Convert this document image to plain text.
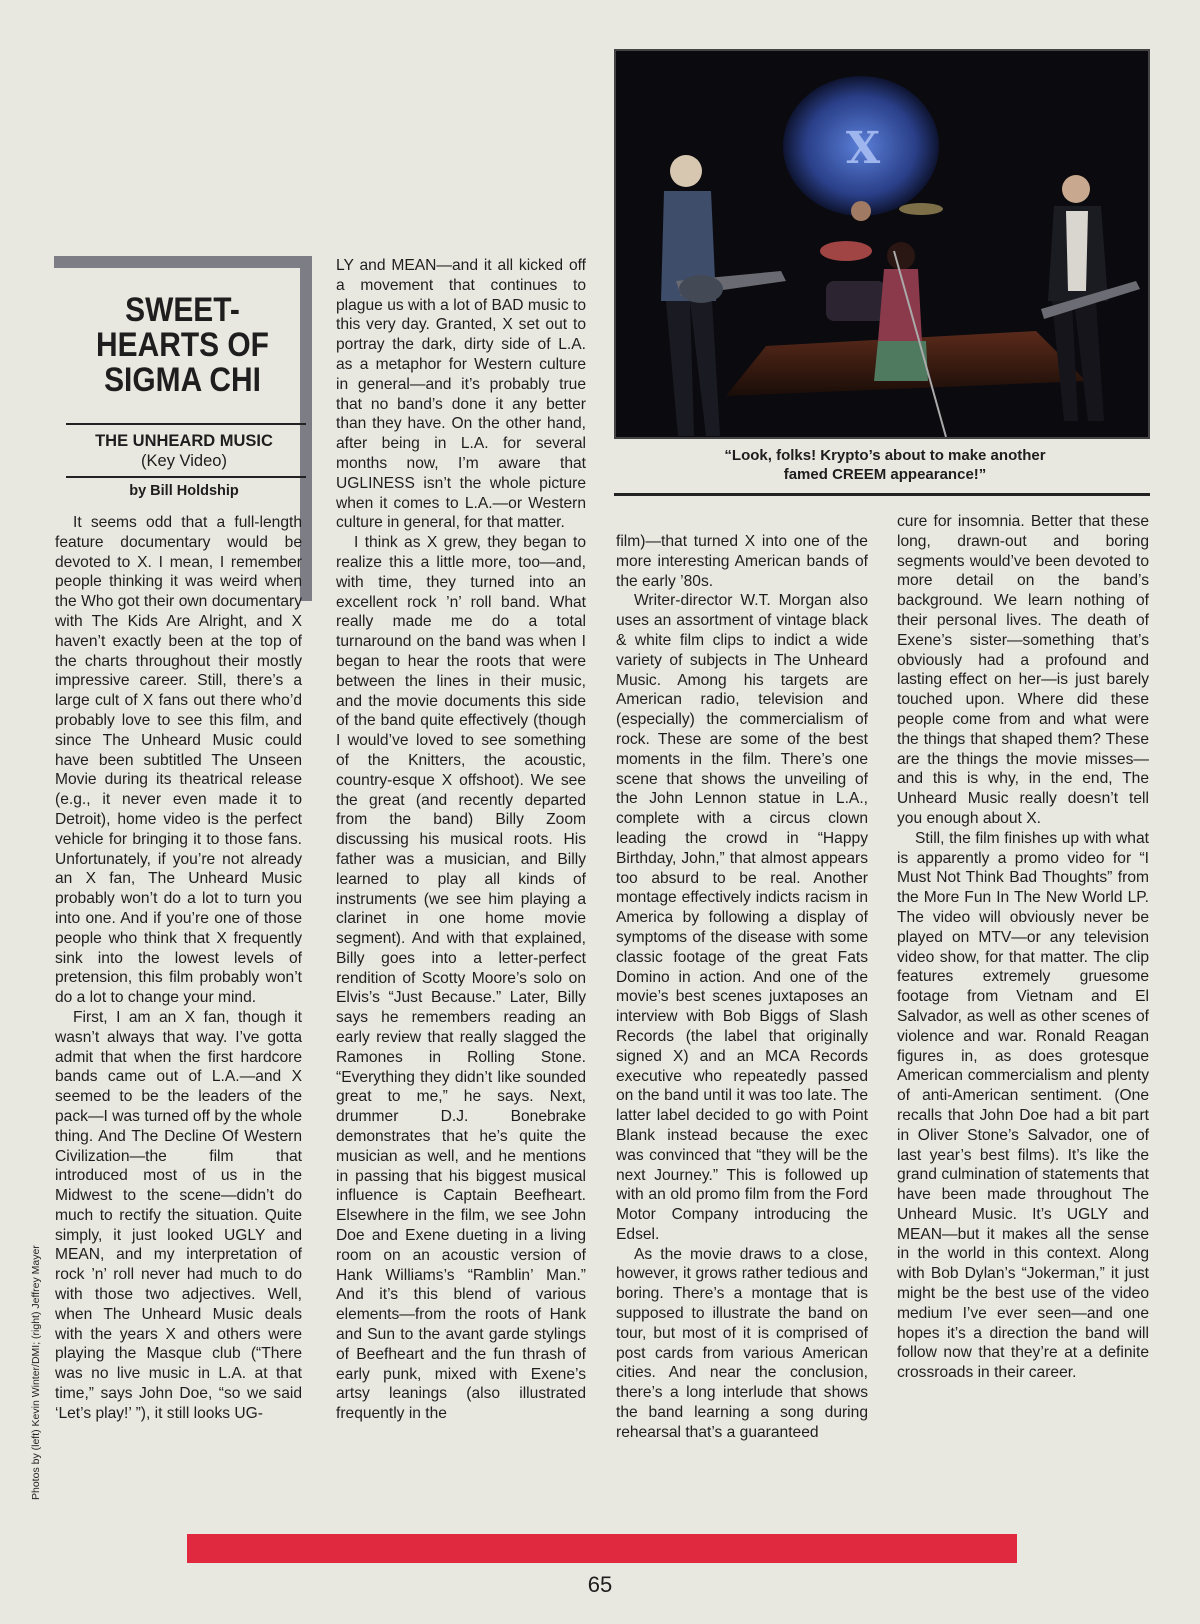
SWEET-
HEARTS OF
SIGMA CHI
THE UNHEARD MUSIC
(Key Video)
by Bill Holdship
X
“Look, folks! Krypto’s about to make another
famed CREEM appearance!”

It seems odd that a full-length feature documentary would be devoted to X. I mean, I remember people thinking it was weird when the Who got their own documentary with The Kids Are Alright, and X haven’t exactly been at the top of the charts throughout their mostly impressive career. Still, there’s a large cult of X fans out there who’d probably love to see this film, and since The Unheard Music could have been subtitled The Unseen Movie during its theatrical release (e.g., it never even made it to Detroit), home video is the perfect vehicle for bringing it to those fans. Unfortunately, if you’re not already an X fan, The Unheard Music probably won’t do a lot to turn you into one. And if you’re one of those people who think that X frequently sink into the lowest levels of pretension, this film probably won’t do a lot to change your mind.

First, I am an X fan, though it wasn’t always that way. I’ve gotta admit that when the first hardcore bands came out of L.A.—and X seemed to be the leaders of the pack—I was turned off by the whole thing. And The Decline Of Western Civilization—the film that introduced most of us in the Midwest to the scene—didn’t do much to rectify the situation. Quite simply, it just looked UGLY and MEAN, and my interpretation of rock ’n’ roll never had much to do with those two adjectives. Well, when The Unheard Music deals with the years X and others were playing the Masque club (“There was no live music in L.A. at that time,” says John Doe, “so we said ‘Let’s play!’ ”), it still looks UG-

LY and MEAN—and it all kicked off a movement that continues to plague us with a lot of BAD music to this very day. Granted, X set out to portray the dark, dirty side of L.A. as a metaphor for Western culture in general—and it’s probably true that no band’s done it any better than they have. On the other hand, after being in L.A. for several months now, I’m aware that UGLINESS isn’t the whole picture when it comes to L.A.—or Western culture in general, for that matter.

I think as X grew, they began to realize this a little more, too—and, with time, they turned into an excellent rock ’n’ roll band. What really made me do a total turnaround on the band was when I began to hear the roots that were between the lines in their music, and the movie documents this side of the band quite effectively (though I would’ve loved to see something of the Knitters, the acoustic, country-esque X offshoot). We see the great (and recently departed from the band) Billy Zoom discussing his musical roots. His father was a musician, and Billy learned to play all kinds of instruments (we see him playing a clarinet in one home movie segment). And with that explained, Billy goes into a letter-perfect rendition of Scotty Moore’s solo on Elvis’s “Just Because.” Later, Billy says he remembers reading an early review that really slagged the Ramones in Rolling Stone. “Everything they didn’t like sounded great to me,” he says. Next, drummer D.J. Bonebrake demonstrates that he’s quite the musician as well, and he mentions in passing that his biggest musical influence is Captain Beefheart. Elsewhere in the film, we see John Doe and Exene dueting in a living room on an acoustic version of Hank Williams’s “Ramblin’ Man.” And it’s this blend of various elements—from the roots of Hank and Sun to the avant garde stylings of Beefheart and the fun thrash of early punk, mixed with Exene’s artsy leanings (also illustrated frequently in the

film)—that turned X into one of the more interesting American bands of the early ’80s.

Writer-director W.T. Morgan also uses an assortment of vintage black & white film clips to indict a wide variety of subjects in The Unheard Music. Among his targets are American radio, television and (especially) the commercialism of rock. These are some of the best moments in the film. There’s one scene that shows the unveiling of the John Lennon statue in L.A., complete with a circus clown leading the crowd in “Happy Birthday, John,” that almost appears too absurd to be real. Another montage effectively indicts racism in America by following a display of symptoms of the disease with some classic footage of the great Fats Domino in action. And one of the movie’s best scenes juxtaposes an interview with Bob Biggs of Slash Records (the label that originally signed X) and an MCA Records executive who repeatedly passed on the band until it was too late. The latter label decided to go with Point Blank instead because the exec was convinced that “they will be the next Journey.” This is followed up with an old promo film from the Ford Motor Company introducing the Edsel.

As the movie draws to a close, however, it grows rather tedious and boring. There’s a montage that is supposed to illustrate the band on tour, but most of it is comprised of post cards from various American cities. And near the conclusion, there’s a long interlude that shows the band learning a song during rehearsal that’s a guaranteed

cure for insomnia. Better that these long, drawn-out and boring segments would’ve been devoted to more detail on the band’s background. We learn nothing of their personal lives. The death of Exene’s sister—something that’s obviously had a profound and lasting effect on her—is just barely touched upon. Where did these people come from and what were the things that shaped them? These are the things the movie misses—and this is why, in the end, The Unheard Music really doesn’t tell you enough about X.

Still, the film finishes up with what is apparently a promo video for “I Must Not Think Bad Thoughts” from the More Fun In The New World LP. The video will obviously never be played on MTV—or any television video show, for that matter. The clip features extremely gruesome footage from Vietnam and El Salvador, as well as other scenes of violence and war. Ronald Reagan figures in, as does grotesque American commercialism and plenty of anti-American sentiment. (One recalls that John Doe had a bit part in Oliver Stone’s Salvador, one of last year’s best films). It’s like the grand culmination of statements that have been made throughout The Unheard Music. It’s UGLY and MEAN—but it makes all the sense in the world in this context. Along with Bob Dylan’s “Jokerman,” it just might be the best use of the video medium I’ve ever seen—and one hopes it’s a direction the band will follow now that they’re at a definite crossroads in their career.

Photos by (left) Kevin Winter/DMI; (right) Jeffrey Mayer
65
